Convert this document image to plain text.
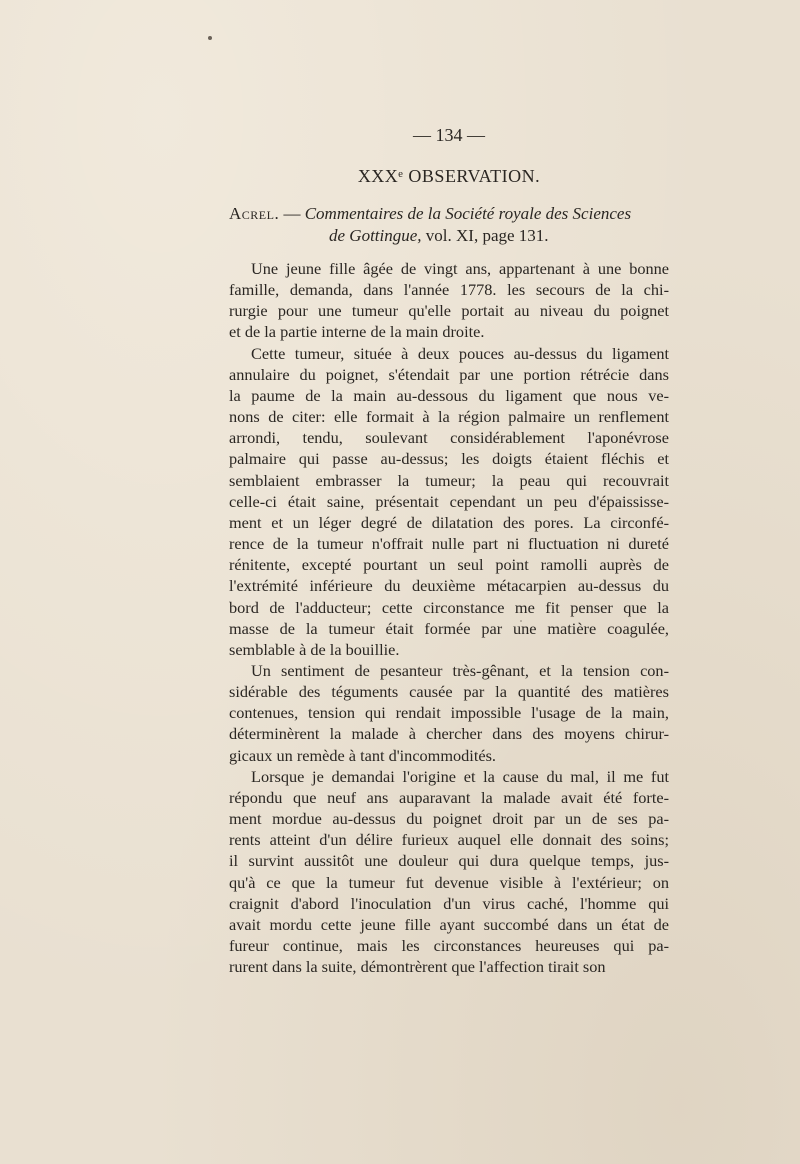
— 134 —
XXXᵉ OBSERVATION.
Acrel. — Commentaires de la Société royale des Sciences
de Gottingue, vol. XI, page 131.

Une jeune fille âgée de vingt ans, appartenant à une bonne
famille, demanda, dans l'année 1778. les secours de la chi-
rurgie pour une tumeur qu'elle portait au niveau du poignet
et de la partie interne de la main droite.

Cette tumeur, située à deux pouces au-dessus du ligament
annulaire du poignet, s'étendait par une portion rétrécie dans
la paume de la main au-dessous du ligament que nous ve-
nons de citer: elle formait à la région palmaire un renflement
arrondi, tendu, soulevant considérablement l'aponévrose
palmaire qui passe au-dessus; les doigts étaient fléchis et
semblaient embrasser la tumeur; la peau qui recouvrait
celle-ci était saine, présentait cependant un peu d'épaississe-
ment et un léger degré de dilatation des pores. La circonfé-
rence de la tumeur n'offrait nulle part ni fluctuation ni dureté
rénitente, excepté pourtant un seul point ramolli auprès de
l'extrémité inférieure du deuxième métacarpien au-dessus du
bord de l'adducteur; cette circonstance me fit penser que la
masse de la tumeur était formée par une matière coagulée,
semblable à de la bouillie.

Un sentiment de pesanteur très-gênant, et la tension con-
sidérable des téguments causée par la quantité des matières
contenues, tension qui rendait impossible l'usage de la main,
déterminèrent la malade à chercher dans des moyens chirur-
gicaux un remède à tant d'incommodités.

Lorsque je demandai l'origine et la cause du mal, il me fut
répondu que neuf ans auparavant la malade avait été forte-
ment mordue au-dessus du poignet droit par un de ses pa-
rents atteint d'un délire furieux auquel elle donnait des soins;
il survint aussitôt une douleur qui dura quelque temps, jus-
qu'à ce que la tumeur fut devenue visible à l'extérieur; on
craignit d'abord l'inoculation d'un virus caché, l'homme qui
avait mordu cette jeune fille ayant succombé dans un état de
fureur continue, mais les circonstances heureuses qui pa-
rurent dans la suite, démontrèrent que l'affection tirait son
